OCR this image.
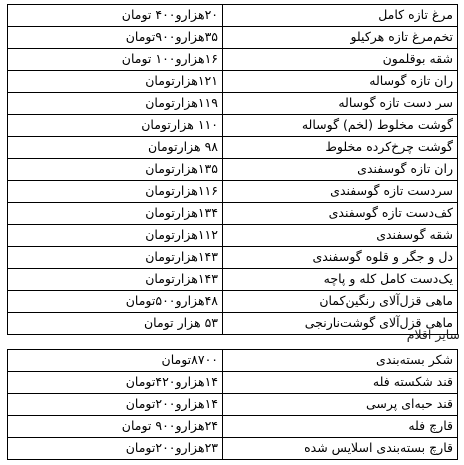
مرغ تازه کامل	۲۰هزارو۴۰۰ تومان
تخم‌مرغ تازه هرکیلو	۳۵هزارو۹۰۰تومان
شقه بوقلمون	۱۶هزارو۱۰۰ تومان
ران تازه گوساله	۱۲۱هزارتومان
سر دست تازه گوساله	۱۱۹هزارتومان
گوشت مخلوط (لخم) گوساله	۱۱۰ هزارتومان
گوشت چرخ‌کرده مخلوط	۹۸ هزارتومان
ران تازه گوسفندی	۱۳۵هزارتومان
سردست تازه گوسفندی	۱۱۶هزارتومان
کف‌دست تازه گوسفندی	۱۳۴هزارتومان
شقه گوسفندی	۱۱۲هزارتومان
دل و جگر و قلوه گوسفندی	۱۴۳هزارتومان
یک‌دست کامل کله و پاچه	۱۴۳هزارتومان
ماهی قزل‌آلای رنگین‌کمان	۴۸هزارو۵۰۰تومان
ماهی قزل‌آلای گوشت‌نارنجی	۵۳ هزار تومان
سایر اقلام
شکر بسته‌بندی	۸۷۰۰تومان
قند شکسته فله	۱۴هزارو۴۲۰تومان
قند حبه‌ای پرسی	۱۴هزارو۲۰۰تومان
قارچ فله	۲۴هزارو۹۰۰ تومان
قارچ بسته‌بندی اسلایس شده	۲۳هزارو۲۰۰تومان
